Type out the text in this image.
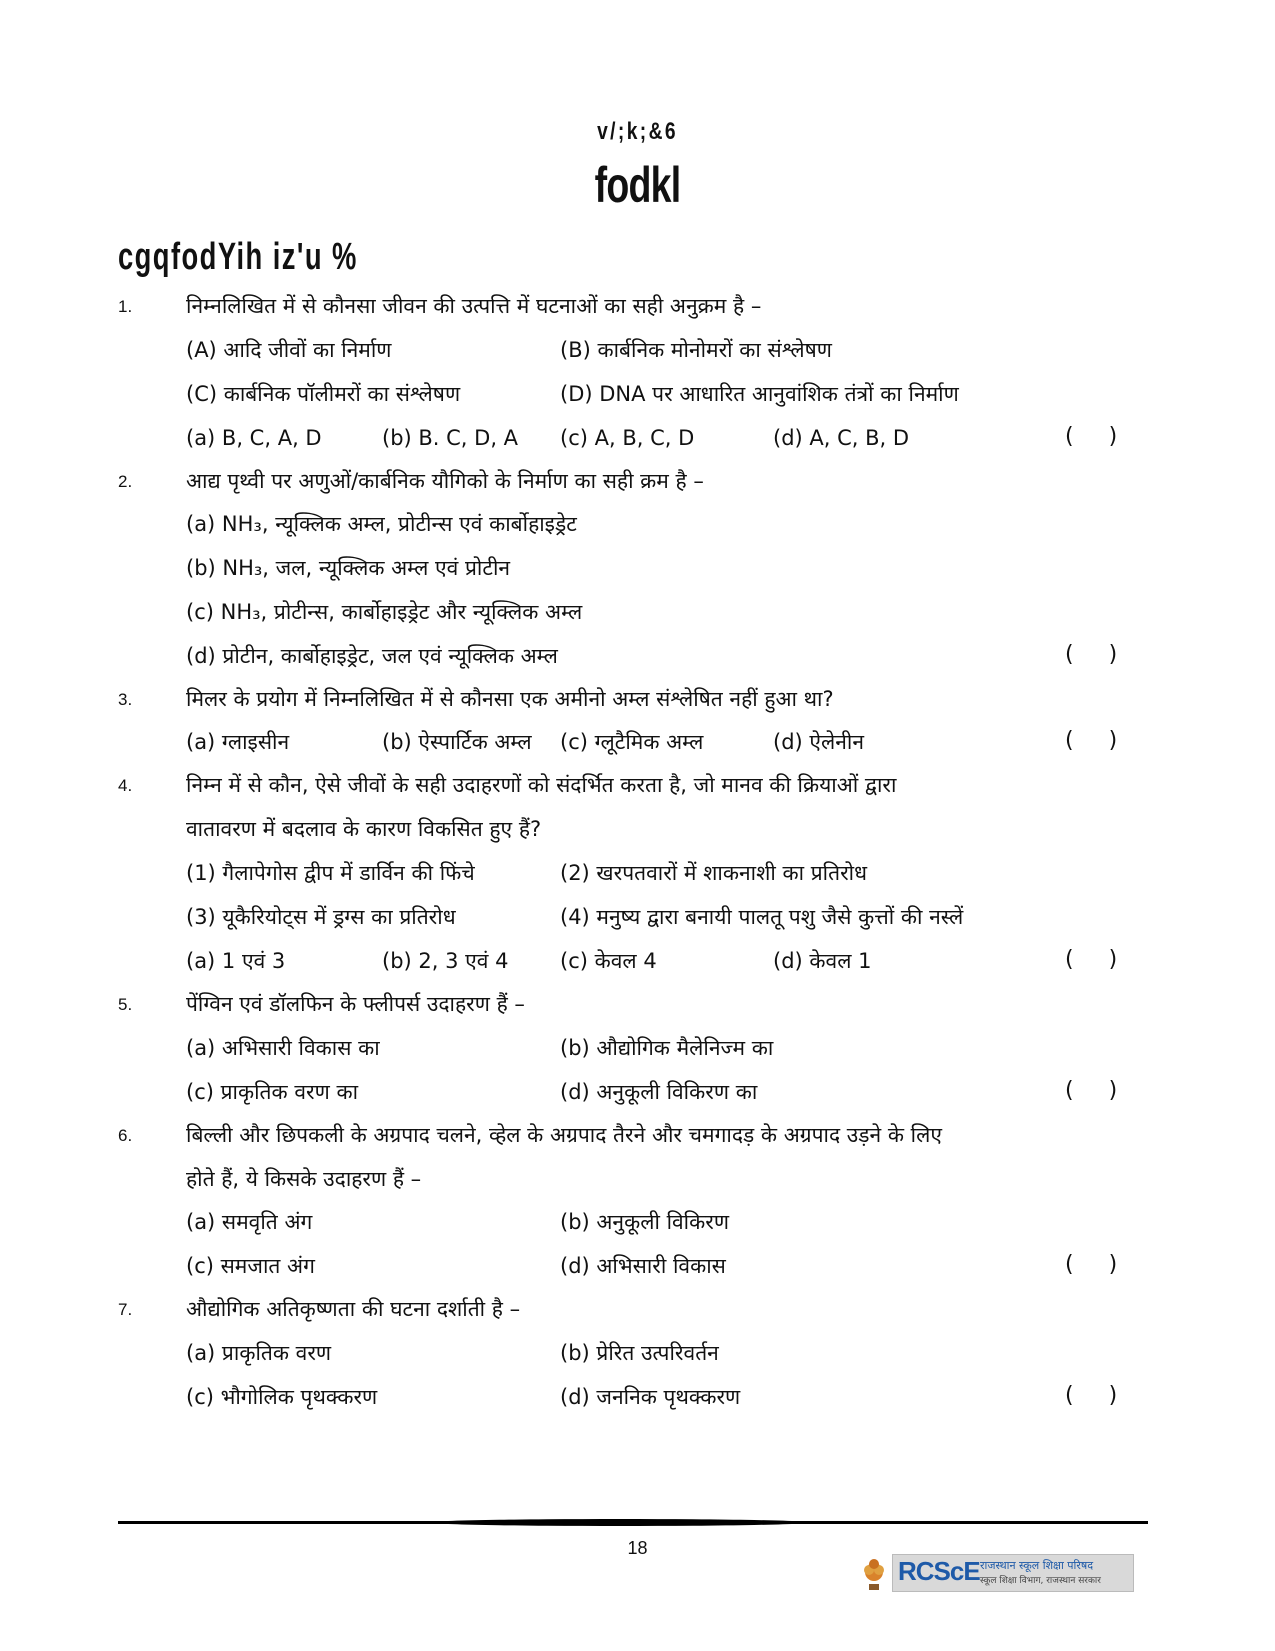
v/;k;&6
fodkl
cgqfodYih iz'u %
1.	निम्नलिखित में से कौनसा जीवन की उत्पत्ति में घटनाओं का सही अनुक्रम है –
(A) आदि जीवों का निर्माण	(B) कार्बनिक मोनोमरों का संश्लेषण
(C) कार्बनिक पॉलीमरों का संश्लेषण	(D) DNA पर आधारित आनुवांशिक तंत्रों का निर्माण
(a) B, C, A, D	(b) B. C, D, A (c) A, B, C, D	(d) A, C, B, D	( )
2.	आद्य पृथ्वी पर अणुओं/कार्बनिक यौगिको के निर्माण का सही क्रम है –
(a) NH₃, न्यूक्लिक अम्ल, प्रोटीन्स एवं कार्बोहाइड्रेट
(b) NH₃, जल, न्यूक्लिक अम्ल एवं प्रोटीन
(c) NH₃, प्रोटीन्स, कार्बोहाइड्रेट और न्यूक्लिक अम्ल
(d) प्रोटीन, कार्बोहाइड्रेट, जल एवं न्यूक्लिक अम्ल	( )
3.	मिलर के प्रयोग में निम्नलिखित में से कौनसा एक अमीनो अम्ल संश्लेषित नहीं हुआ था?
(a) ग्लाइसीन	(b) ऐस्पार्टिक अम्ल (c) ग्लूटैमिक अम्ल	(d) ऐलेनीन	( )
4.	निम्न में से कौन, ऐसे जीवों के सही उदाहरणों को संदर्भित करता है, जो मानव की क्रियाओं द्वारा
वातावरण में बदलाव के कारण विकसित हुए हैं?
(1) गैलापेगोस द्वीप में डार्विन की फिंचे	(2) खरपतवारों में शाकनाशी का प्रतिरोध
(3) यूकैरियोट्स में ड्रग्स का प्रतिरोध	(4) मनुष्य द्वारा बनायी पालतू पशु जैसे कुत्तों की नस्लें
(a) 1 एवं 3	(b) 2, 3 एवं 4 (c) केवल 4	(d) केवल 1	( )
5.	पेंग्विन एवं डॉलफिन के फ्लीपर्स उदाहरण हैं –
(a) अभिसारी विकास का	(b) औद्योगिक मैलेनिज्म का
(c) प्राकृतिक वरण का	(d) अनुकूली विकिरण का	( )
6.	बिल्ली और छिपकली के अग्रपाद चलने, व्हेल के अग्रपाद तैरने और चमगादड़ के अग्रपाद उड़ने के लिए
होते हैं, ये किसके उदाहरण हैं –
(a) समवृति अंग	(b) अनुकूली विकिरण
(c) समजात अंग	(d) अभिसारी विकास	( )
7.	औद्योगिक अतिकृष्णता की घटना दर्शाती है –
(a) प्राकृतिक वरण	(b) प्रेरित उत्परिवर्तन
(c) भौगोलिक पृथक्करण	(d) जननिक पृथक्करण	( )
18
RCScE राजस्थान स्कूल शिक्षा परिषद
स्कूल शिक्षा विभाग, राजस्थान सरकार
